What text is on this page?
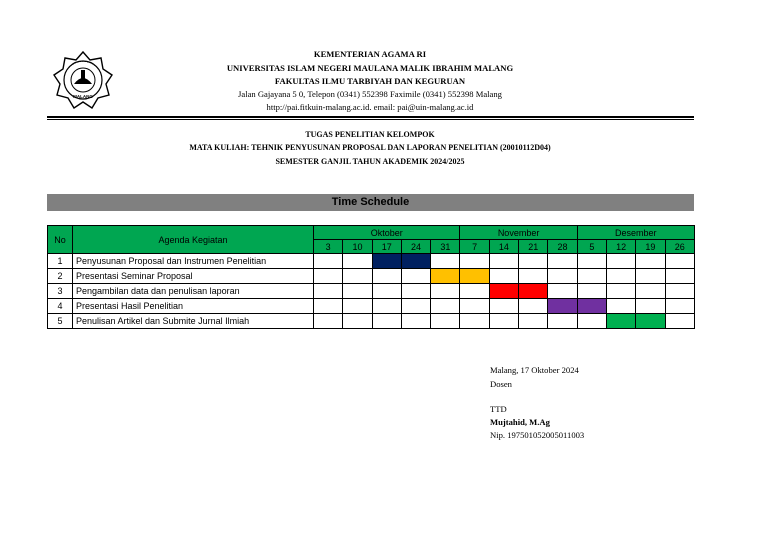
MALANG
KEMENTERIAN AGAMA RI
UNIVERSITAS ISLAM NEGERI MAULANA MALIK IBRAHIM MALANG
FAKULTAS ILMU TARBIYAH DAN KEGURUAN
Jalan Gajayana 5 0, Telepon (0341) 552398 Faximile (0341) 552398 Malang
http://pai.fitkuin-malang.ac.id. email: pai@uin-malang.ac.id
TUGAS PENELITIAN KELOMPOK
MATA KULIAH: TEHNIK PENYUSUNAN PROPOSAL DAN LAPORAN PENELITIAN (20010112D04)
SEMESTER GANJIL TAHUN AKADEMIK 2024/2025
Time Schedule
No	Agenda Kegiatan	Oktober					November				Desember			
		3	10	17	24	31	7	14	21	28	5	12	19	26
1	Penyusunan Proposal dan Instrumen Penelitian													
2	Presentasi Seminar Proposal													
3	Pengambilan data dan penulisan laporan													
4	Presentasi Hasil Penelitian													
5	Penulisan Artikel dan Submite Jurnal Ilmiah													
Malang, 17 Oktober 2024
Dosen
TTD
Mujtahid, M.Ag
Nip. 197501052005011003
